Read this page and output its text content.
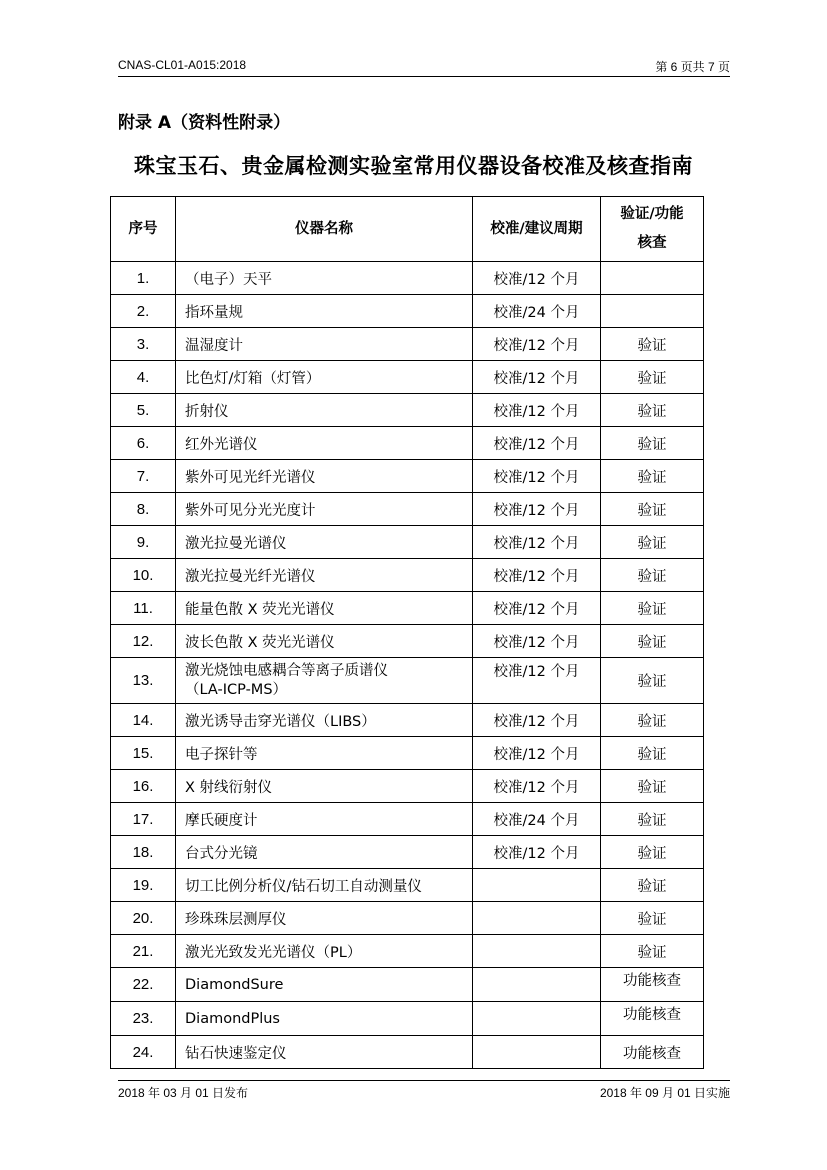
CNAS-CL01-A015:2018	第 6 页共 7 页
附录 A（资料性附录）
珠宝玉石、贵金属检测实验室常用仪器设备校准及核查指南
序号	仪器名称	校准/建议周期	验证/功能
核查

1.	（电子）天平	校准/12 个月	
2.	指环量规	校准/24 个月	
3.	温湿度计	校准/12 个月	验证
4.	比色灯/灯箱（灯管）	校准/12 个月	验证
5.	折射仪	校准/12 个月	验证
6.	红外光谱仪	校准/12 个月	验证
7.	紫外可见光纤光谱仪	校准/12 个月	验证
8.	紫外可见分光光度计	校准/12 个月	验证
9.	激光拉曼光谱仪	校准/12 个月	验证
10.	激光拉曼光纤光谱仪	校准/12 个月	验证
11.	能量色散 X 荧光光谱仪	校准/12 个月	验证
12.	波长色散 X 荧光光谱仪	校准/12 个月	验证
13.	激光烧蚀电感耦合等离子质谱仪
（LA-ICP-MS）	校准/12 个月	验证
14.	激光诱导击穿光谱仪（LIBS）	校准/12 个月	验证
15.	电子探针等	校准/12 个月	验证
16.	X 射线衍射仪	校准/12 个月	验证
17.	摩氏硬度计	校准/24 个月	验证
18.	台式分光镜	校准/12 个月	验证
19.	切工比例分析仪/钻石切工自动测量仪		验证
20.	珍珠珠层测厚仪		验证
21.	激光光致发光光谱仪（PL）		验证
22.	DiamondSure		功能核查
23.	DiamondPlus		功能核查
24.	钻石快速鉴定仪		功能核查
2018 年 03 月 01 日发布	2018 年 09 月 01 日实施
